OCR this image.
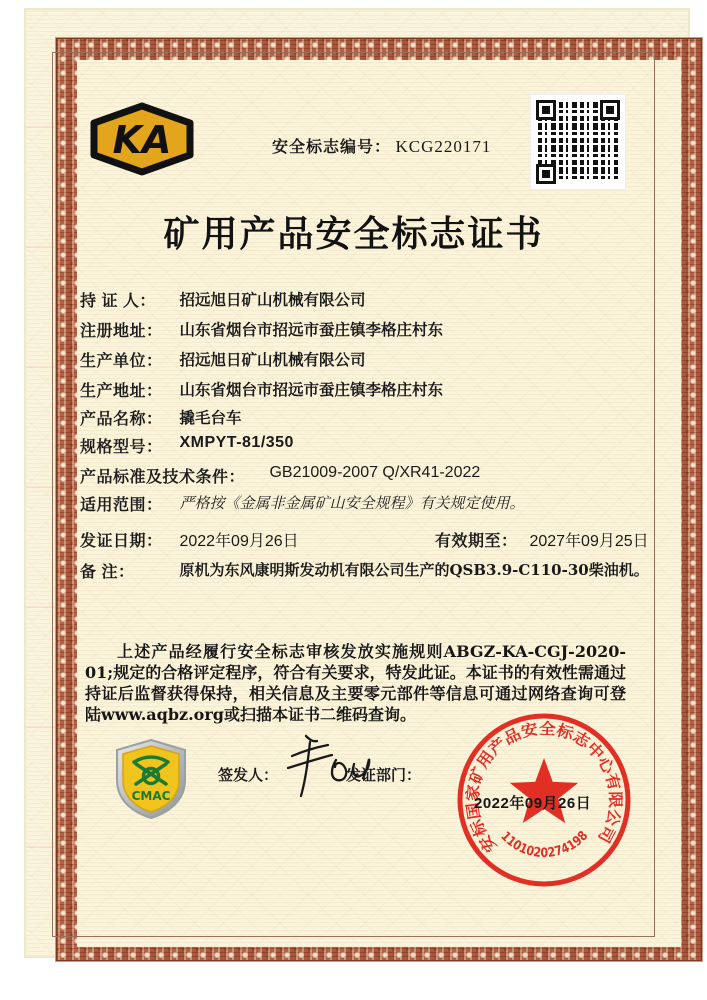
KA	安全标志编号： KCG220171
矿用产品安全标志证书
持 证 人： 招远旭日矿山机械有限公司
注册地址： 山东省烟台市招远市蚕庄镇李格庄村东
生产单位： 招远旭日矿山机械有限公司
生产地址： 山东省烟台市招远市蚕庄镇李格庄村东
产品名称： 撬毛台车
规格型号： XMPYT-81/350
产品标准及技术条件： GB21009-2007 Q/XR41-2022
适用范围： 严格按《金属非金属矿山安全规程》有关规定使用。
发证日期： 2022年09月26日	有效期至： 2027年09月25日
备 注：	原机为东风康明斯发动机有限公司生产的QSB3.9-C110-30柴油机。
上述产品经履行安全标志审核发放实施规则ABGZ-KA-CGJ-2020-01;规定的合格评定程序，符合有关要求，特发此证。本证书的有效性需通过持证后监督获得保持，相关信息及主要零元部件等信息可通过网络查询可登陆www.aqbz.org或扫描本证书二维码查询。
CMAC
签发人：	发证部门：
安标国家矿用产品安全标志中心有限公司
1101020274198
2022年09月26日
